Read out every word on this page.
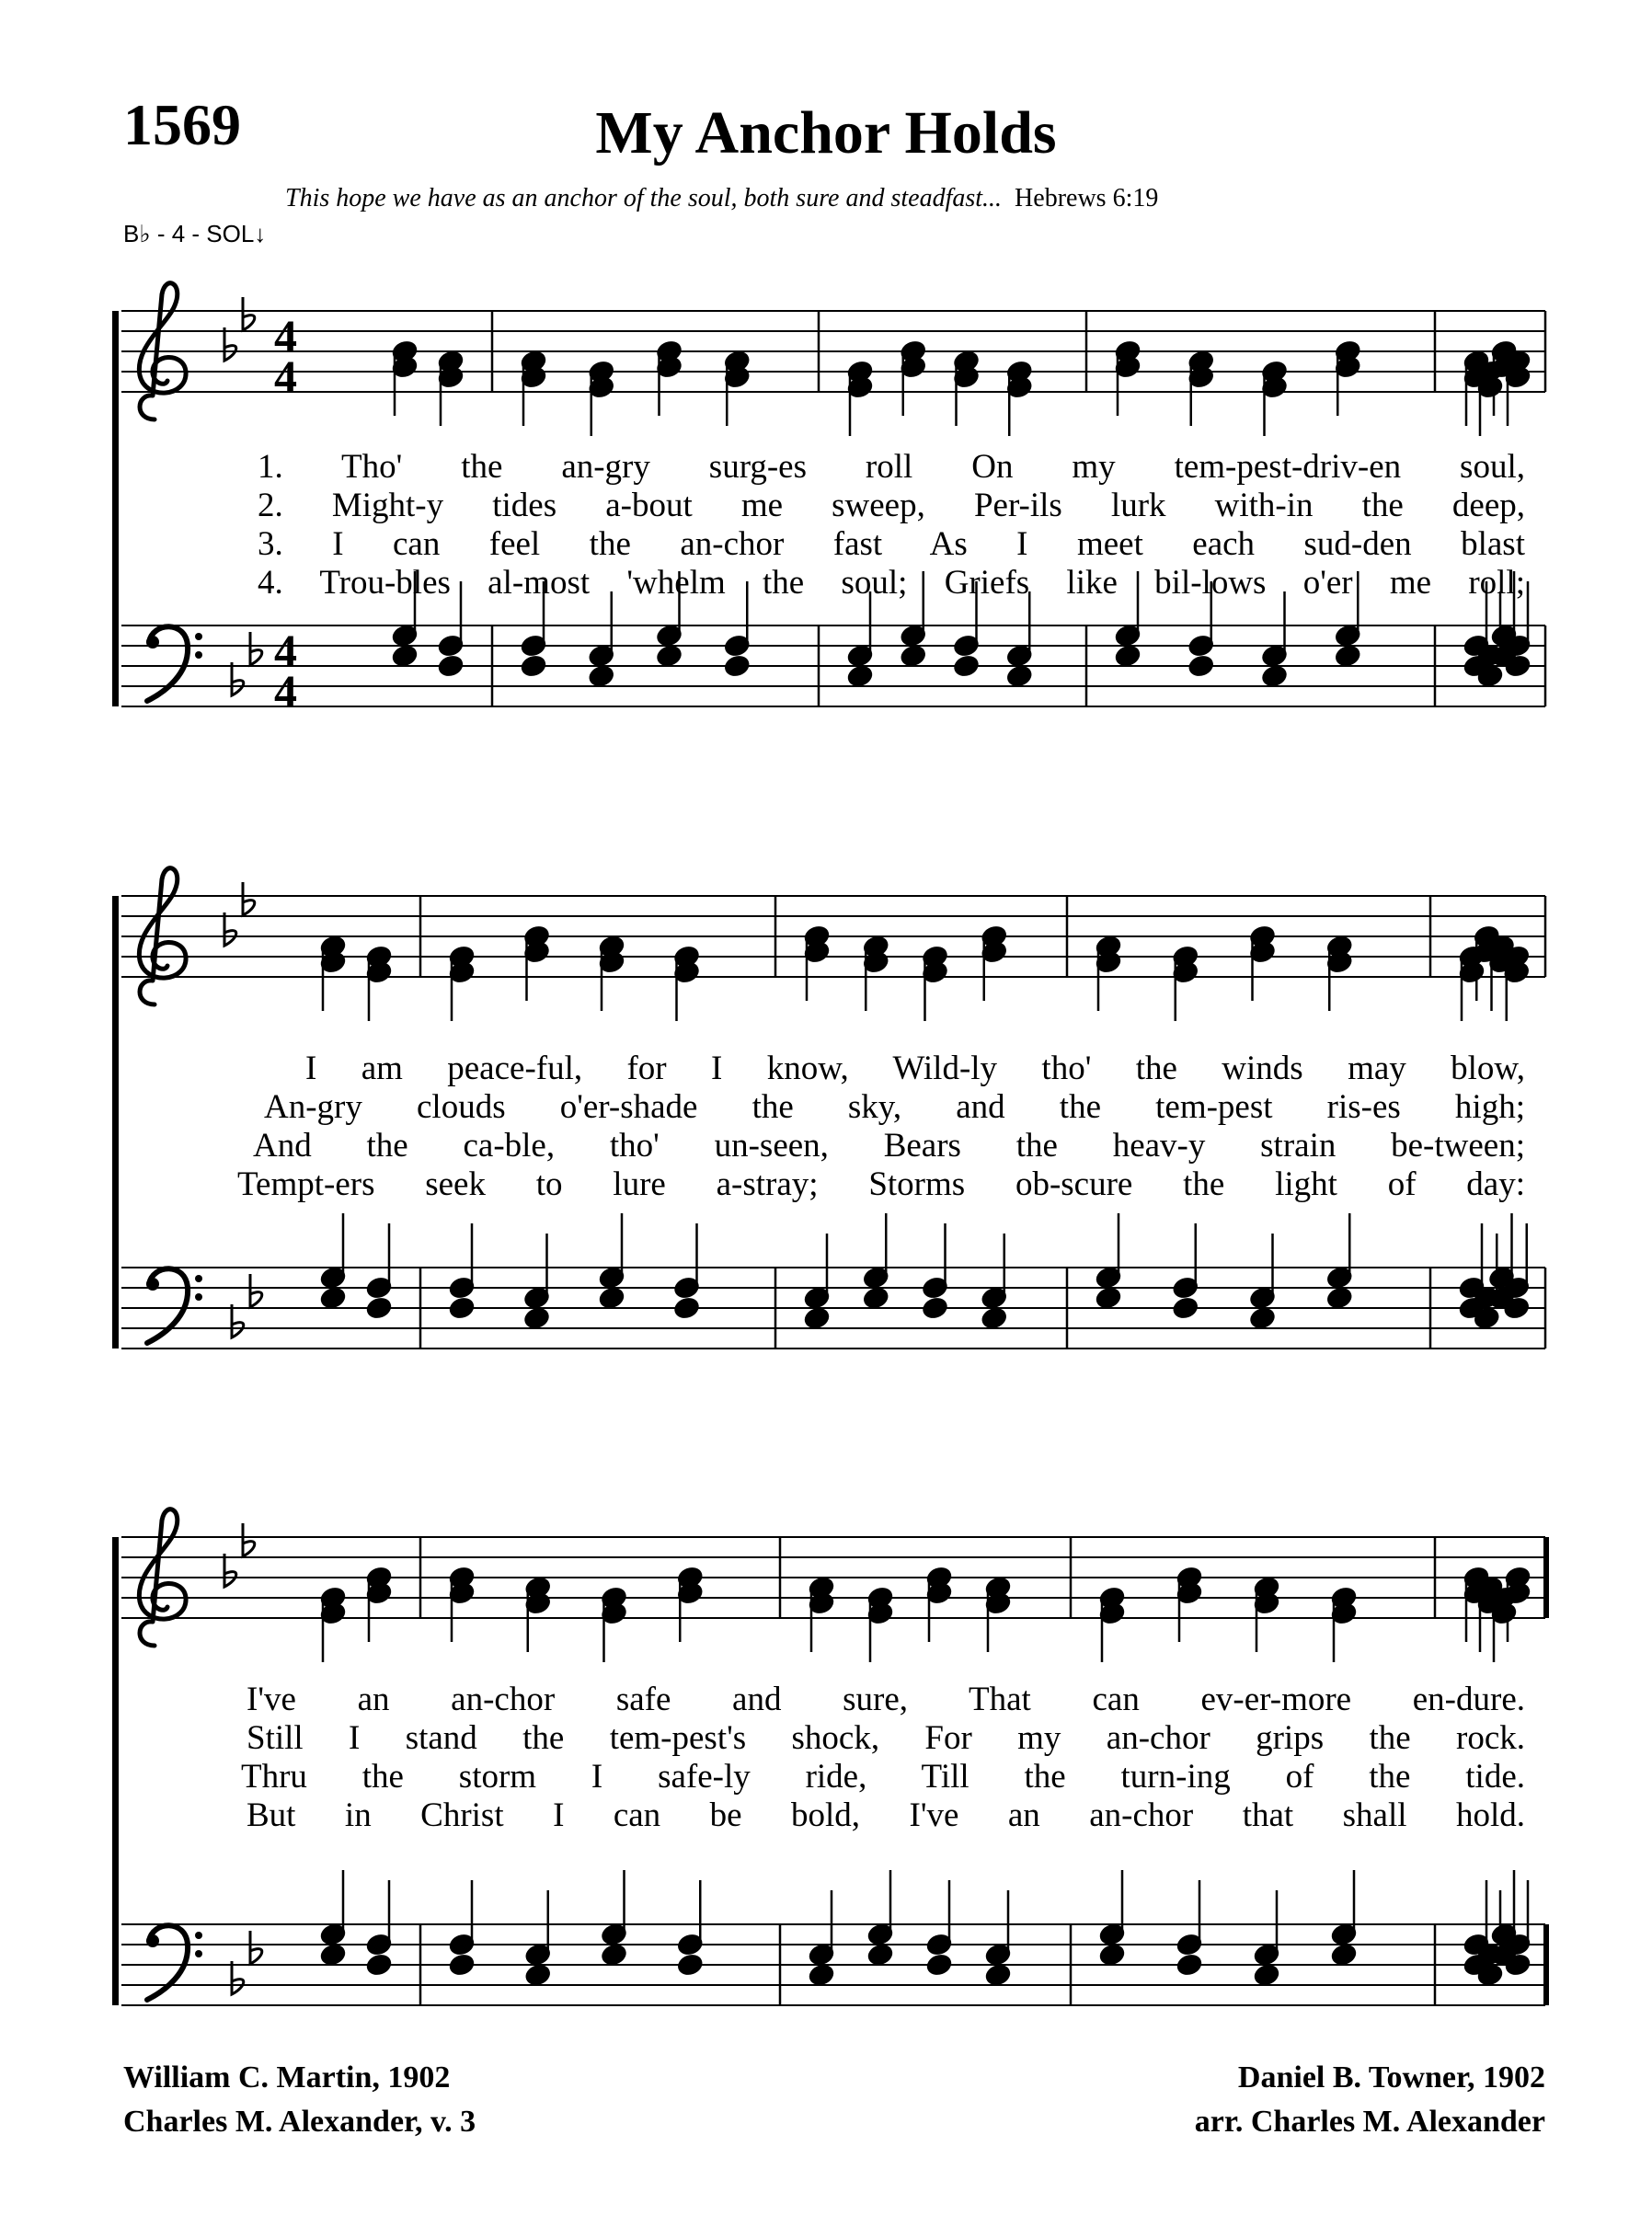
1569	My Anchor Holds
This hope we have as an anchor of the soul, both sure and steadfast... Hebrews 6:19
B♭ - 4 - SOL↓
4
4
4
4
1. Tho' the an-gry surg-es roll On my tem-pest-driv-en soul,
2. Might-y tides a-bout me sweep, Per-ils lurk with-in the deep,
3. I can feel the an-chor fast As I meet each sud-den blast
4. Trou-bles al-most 'whelm the soul; Griefs like bil-lows o'er me roll;
I am peace-ful, for I know, Wild-ly tho' the winds may blow,
An-gry clouds o'er-shade the sky, and the tem-pest ris-es high;
And the ca-ble, tho' un-seen, Bears the heav-y strain be-tween;
Tempt-ers seek to lure a-stray; Storms ob-scure the light of day:
I've an an-chor safe and sure, That can ev-er-more en-dure.
Still I stand the tem-pest's shock, For my an-chor grips the rock.
Thru the storm I safe-ly ride, Till the turn-ing of the tide.
But in Christ I can be bold, I've an an-chor that shall hold.
William C. Martin, 1902
Charles M. Alexander, v. 3
Daniel B. Towner, 1902
arr. Charles M. Alexander
